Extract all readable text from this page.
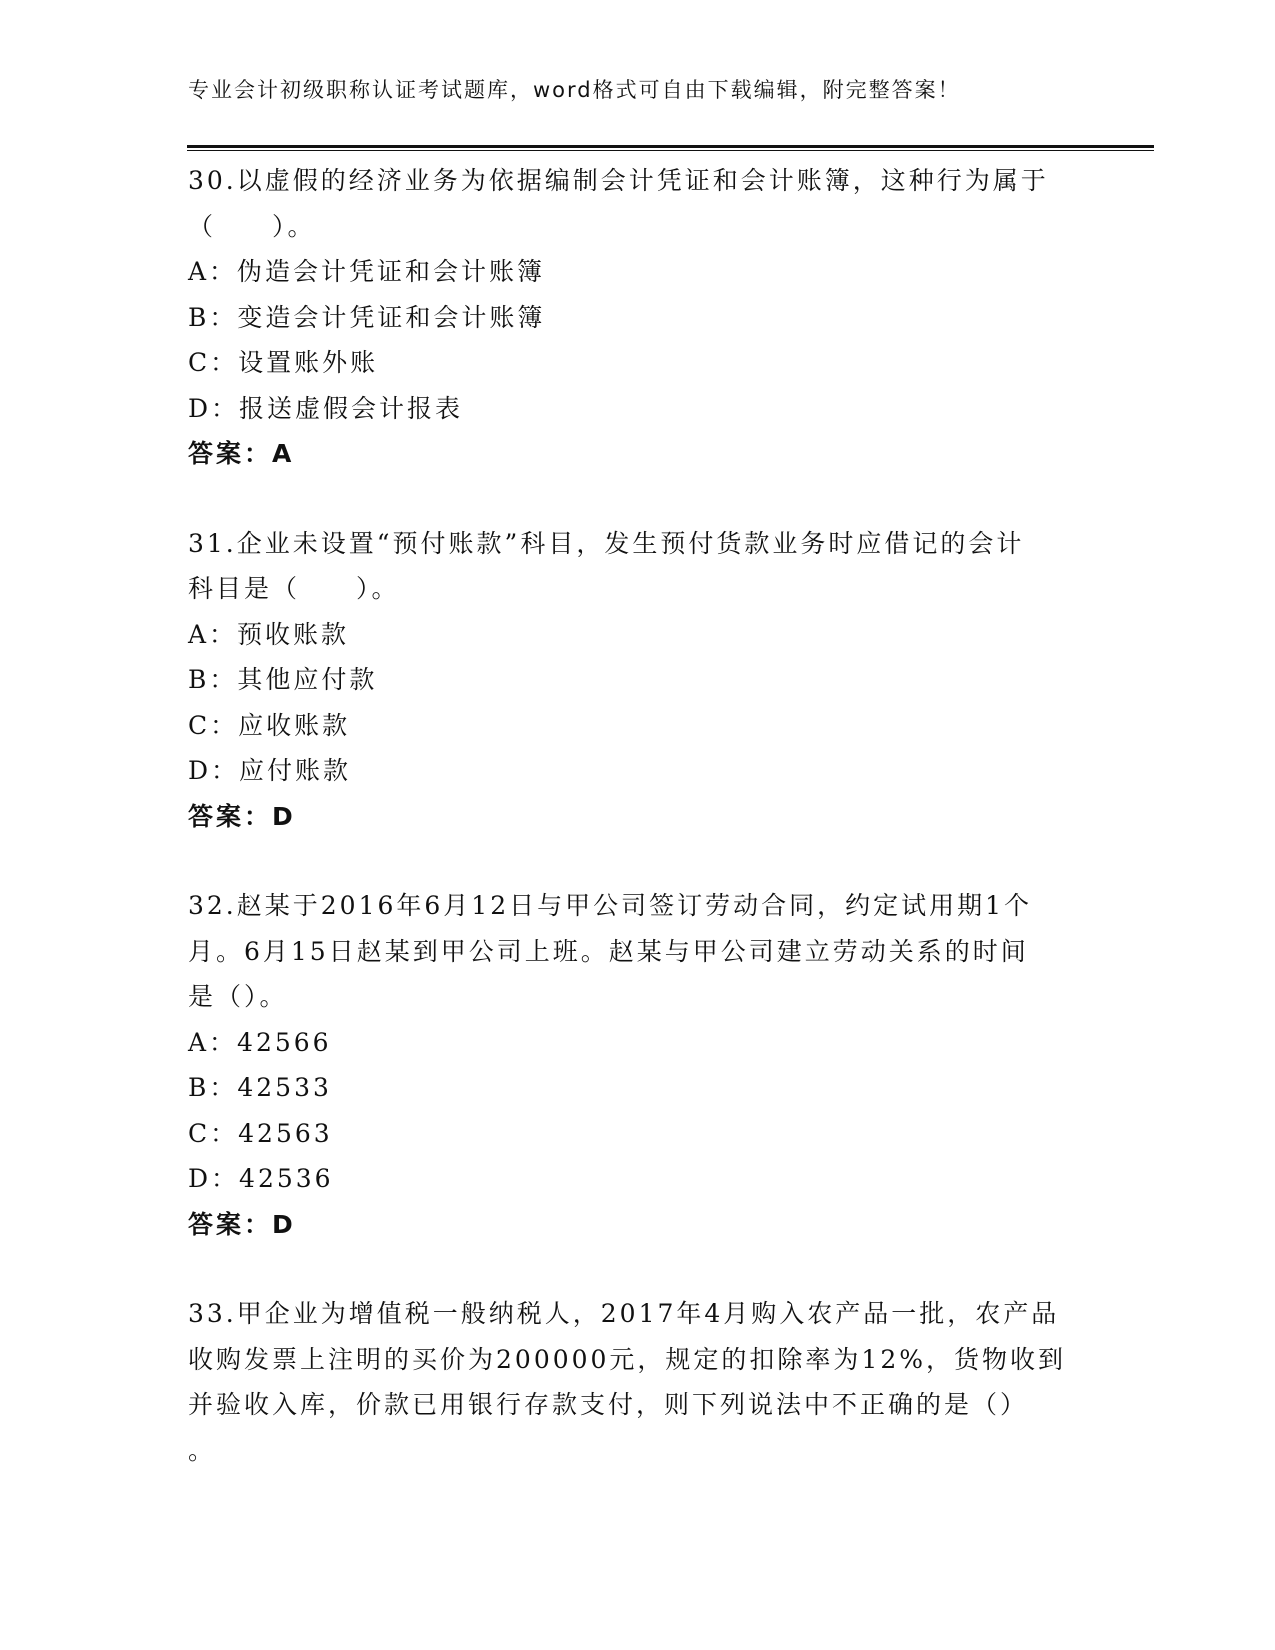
专业会计初级职称认证考试题库，word格式可自由下载编辑，附完整答案！
30.以虚假的经济业务为依据编制会计凭证和会计账簿，这种行为属于
（　　）。
A：伪造会计凭证和会计账簿
B：变造会计凭证和会计账簿
C：设置账外账
D：报送虚假会计报表
答案：A
31.企业未设置“预付账款”科目，发生预付货款业务时应借记的会计
科目是（　　）。
A：预收账款
B：其他应付款
C：应收账款
D：应付账款
答案：D
32.赵某于2016年6月12日与甲公司签订劳动合同，约定试用期1个
月。6月15日赵某到甲公司上班。赵某与甲公司建立劳动关系的时间
是（）。
A：42566
B：42533
C：42563
D：42536
答案：D
33.甲企业为增值税一般纳税人，2017年4月购入农产品一批，农产品
收购发票上注明的买价为200000元，规定的扣除率为12%，货物收到
并验收入库，价款已用银行存款支付，则下列说法中不正确的是（）
。
